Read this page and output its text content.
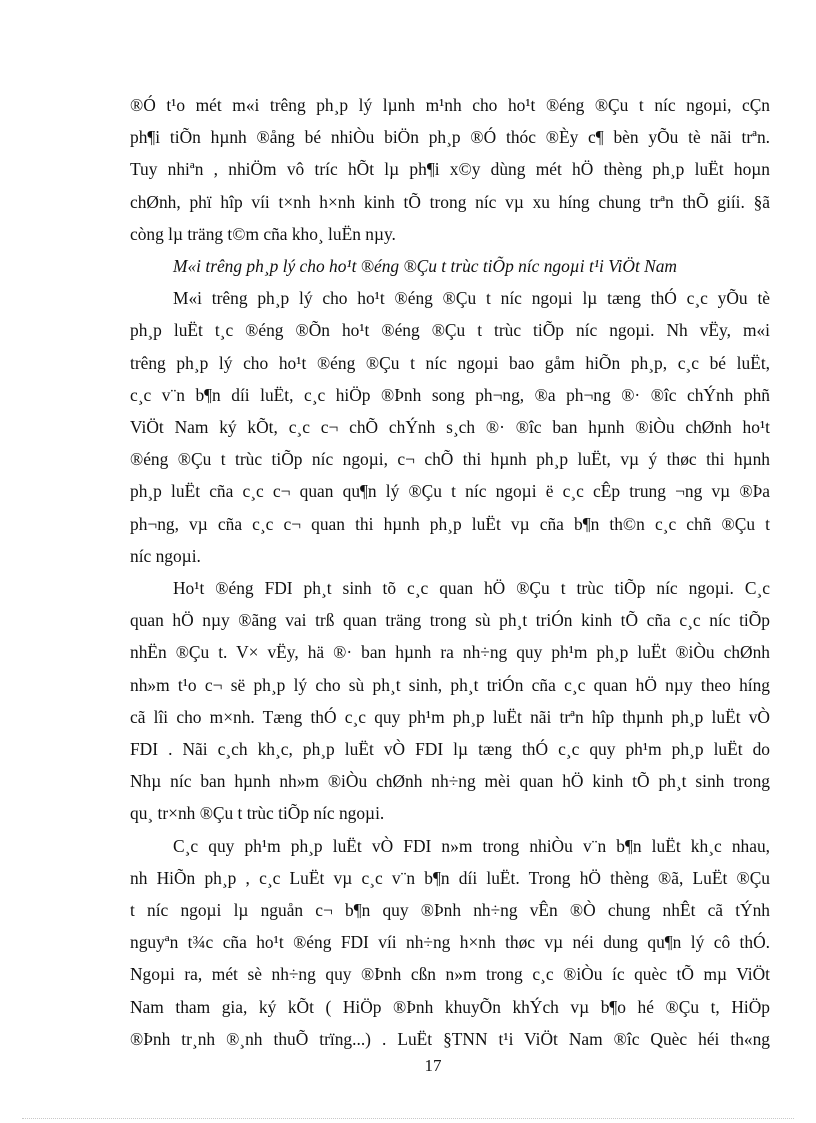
®Ó t¹o mét m«i trêng ph¸p lý lµnh m¹nh cho ho¹t ®éng ®Çu t níc ngoµi, cÇn
ph¶i tiÕn hµnh ®ång bé nhiÒu biÖn ph¸p ®Ó thóc ®Èy c¶ bèn yÕu tè nãi trªn.
Tuy nhiªn , nhiÖm vô tríc hÕt lµ ph¶i x©y dùng mét hÖ thèng ph¸p luËt hoµn
chØnh, phï hîp víi t×nh h×nh kinh tÕ trong níc vµ xu híng chung trªn thÕ giíi. §ã
còng lµ träng t©m cña kho¸ luËn nµy.

M«i trêng ph¸p lý cho ho¹t ®éng ®Çu t trùc tiÕp níc ngoµi t¹i ViÖt Nam

M«i trêng ph¸p lý cho ho¹t ®éng ®Çu t níc ngoµi lµ tæng thÓ c¸c yÕu tè
ph¸p luËt t¸c ®éng ®Õn ho¹t ®éng ®Çu t trùc tiÕp níc ngoµi. Nh vËy, m«i
trêng ph¸p lý cho ho¹t ®éng ®Çu t níc ngoµi bao gåm hiÕn ph¸p, c¸c bé luËt,
c¸c v¨n b¶n díi luËt, c¸c hiÖp ®Þnh song ph¬ng, ®a ph¬ng ®· ®îc chÝnh phñ
ViÖt Nam ký kÕt, c¸c c¬ chÕ chÝnh s¸ch ®· ®îc ban hµnh ®iÒu chØnh ho¹t
®éng ®Çu t trùc tiÕp níc ngoµi, c¬ chÕ thi hµnh ph¸p luËt, vµ ý thøc thi hµnh
ph¸p luËt cña c¸c c¬ quan qu¶n lý ®Çu t níc ngoµi ë c¸c cÊp trung ¬ng vµ ®Þa
ph¬ng, vµ cña c¸c c¬ quan thi hµnh ph¸p luËt vµ cña b¶n th©n c¸c chñ ®Çu t
níc ngoµi.

Ho¹t ®éng FDI ph¸t sinh tõ c¸c quan hÖ ®Çu t trùc tiÕp níc ngoµi. C¸c
quan hÖ nµy ®ãng vai trß quan träng trong sù ph¸t triÓn kinh tÕ cña c¸c níc tiÕp
nhËn ®Çu t. V× vËy, hä ®· ban hµnh ra nh÷ng quy ph¹m ph¸p luËt ®iÒu chØnh
nh»m t¹o c¬ së ph¸p lý cho sù ph¸t sinh, ph¸t triÓn cña c¸c quan hÖ nµy theo híng
cã lîi cho m×nh. Tæng thÓ c¸c quy ph¹m ph¸p luËt nãi trªn hîp thµnh ph¸p luËt vÒ
FDI . Nãi c¸ch kh¸c, ph¸p luËt vÒ FDI lµ tæng thÓ c¸c quy ph¹m ph¸p luËt do
Nhµ níc ban hµnh nh»m ®iÒu chØnh nh÷ng mèi quan hÖ kinh tÕ ph¸t sinh trong
qu¸ tr×nh ®Çu t trùc tiÕp níc ngoµi.

C¸c quy ph¹m ph¸p luËt vÒ FDI n»m trong nhiÒu v¨n b¶n luËt kh¸c nhau,
nh HiÕn ph¸p , c¸c LuËt vµ c¸c v¨n b¶n díi luËt. Trong hÖ thèng ®ã, LuËt ®Çu
t níc ngoµi lµ nguån c¬ b¶n quy ®Þnh nh÷ng vÊn ®Ò chung nhÊt cã tÝnh
nguyªn t¾c cña ho¹t ®éng FDI víi nh÷ng h×nh thøc vµ néi dung qu¶n lý cô thÓ.
Ngoµi ra, mét sè nh÷ng quy ®Þnh cßn n»m trong c¸c ®iÒu íc quèc tÕ mµ ViÖt
Nam tham gia, ký kÕt ( HiÖp ®Þnh khuyÕn khÝch vµ b¶o hé ®Çu t, HiÖp
®Þnh tr¸nh ®¸nh thuÕ trïng...) . LuËt §TNN t¹i ViÖt Nam ®îc Quèc héi th«ng

17
